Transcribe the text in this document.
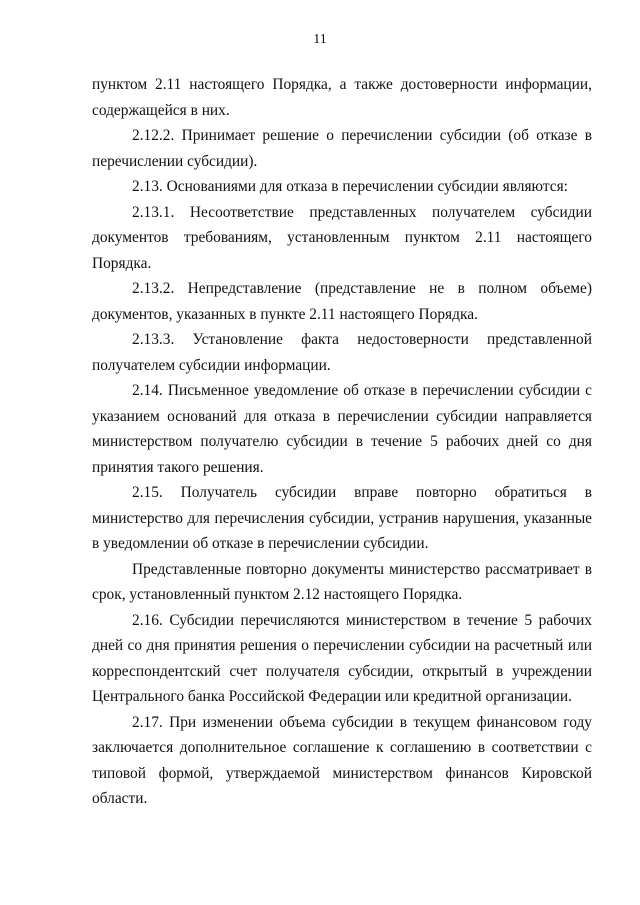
11

пунктом 2.11 настоящего Порядка, а также достоверности информации, содержащейся в них.

2.12.2. Принимает решение о перечислении субсидии (об отказе в перечислении субсидии).

2.13. Основаниями для отказа в перечислении субсидии являются:

2.13.1. Несоответствие представленных получателем субсидии документов требованиям, установленным пунктом 2.11 настоящего Порядка.

2.13.2. Непредставление (представление не в полном объеме) документов, указанных в пункте 2.11 настоящего Порядка.

2.13.3. Установление факта недостоверности представленной получателем субсидии информации.

2.14. Письменное уведомление об отказе в перечислении субсидии с указанием оснований для отказа в перечислении субсидии направляется министерством получателю субсидии в течение 5 рабочих дней со дня принятия такого решения.

2.15. Получатель субсидии вправе повторно обратиться в министерство для перечисления субсидии, устранив нарушения, указанные в уведомлении об отказе в перечислении субсидии.

Представленные повторно документы министерство рассматривает в срок, установленный пунктом 2.12 настоящего Порядка.

2.16. Субсидии перечисляются министерством в течение 5 рабочих дней со дня принятия решения о перечислении субсидии на расчетный или корреспондентский счет получателя субсидии, открытый в учреждении Центрального банка Российской Федерации или кредитной организации.

2.17. При изменении объема субсидии в текущем финансовом году заключается дополнительное соглашение к соглашению в соответствии с типовой формой, утверждаемой министерством финансов Кировской области.
